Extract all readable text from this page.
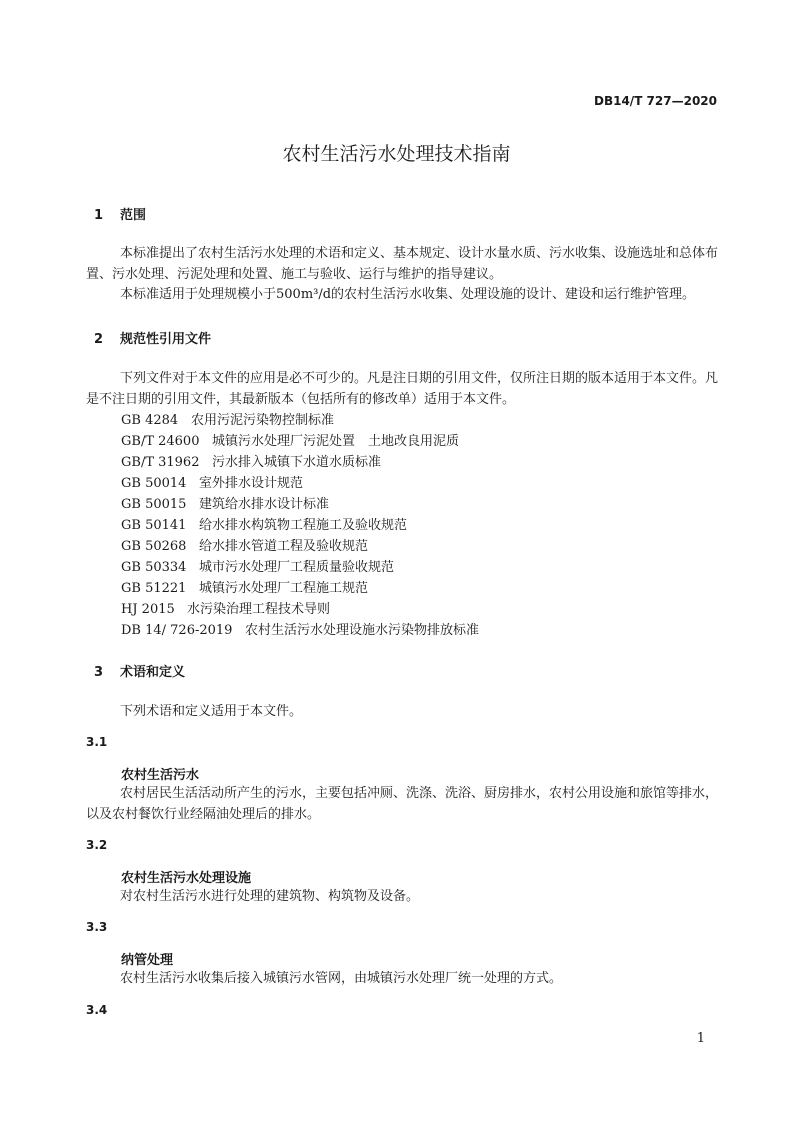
DB14/T 727—2020
农村生活污水处理技术指南
1 范围
本标准提出了农村生活污水处理的术语和定义、基本规定、设计水量水质、污水收集、设施选址和总体布置、污水处理、污泥处理和处置、施工与验收、运行与维护的指导建议。
本标准适用于处理规模小于500m³/d的农村生活污水收集、处理设施的设计、建设和运行维护管理。
2 规范性引用文件
下列文件对于本文件的应用是必不可少的。凡是注日期的引用文件，仅所注日期的版本适用于本文件。凡是不注日期的引用文件，其最新版本（包括所有的修改单）适用于本文件。
GB 4284 农用污泥污染物控制标准
GB/T 24600 城镇污水处理厂污泥处置　土地改良用泥质
GB/T 31962 污水排入城镇下水道水质标准
GB 50014 室外排水设计规范
GB 50015 建筑给水排水设计标准
GB 50141 给水排水构筑物工程施工及验收规范
GB 50268 给水排水管道工程及验收规范
GB 50334 城市污水处理厂工程质量验收规范
GB 51221 城镇污水处理厂工程施工规范
HJ 2015 水污染治理工程技术导则
DB 14/ 726-2019 农村生活污水处理设施水污染物排放标准
3 术语和定义
下列术语和定义适用于本文件。
3.1
农村生活污水
农村居民生活活动所产生的污水，主要包括冲厕、洗涤、洗浴、厨房排水，农村公用设施和旅馆等排水，以及农村餐饮行业经隔油处理后的排水。
3.2
农村生活污水处理设施
对农村生活污水进行处理的建筑物、构筑物及设备。
3.3
纳管处理
农村生活污水收集后接入城镇污水管网，由城镇污水处理厂统一处理的方式。
3.4
1
